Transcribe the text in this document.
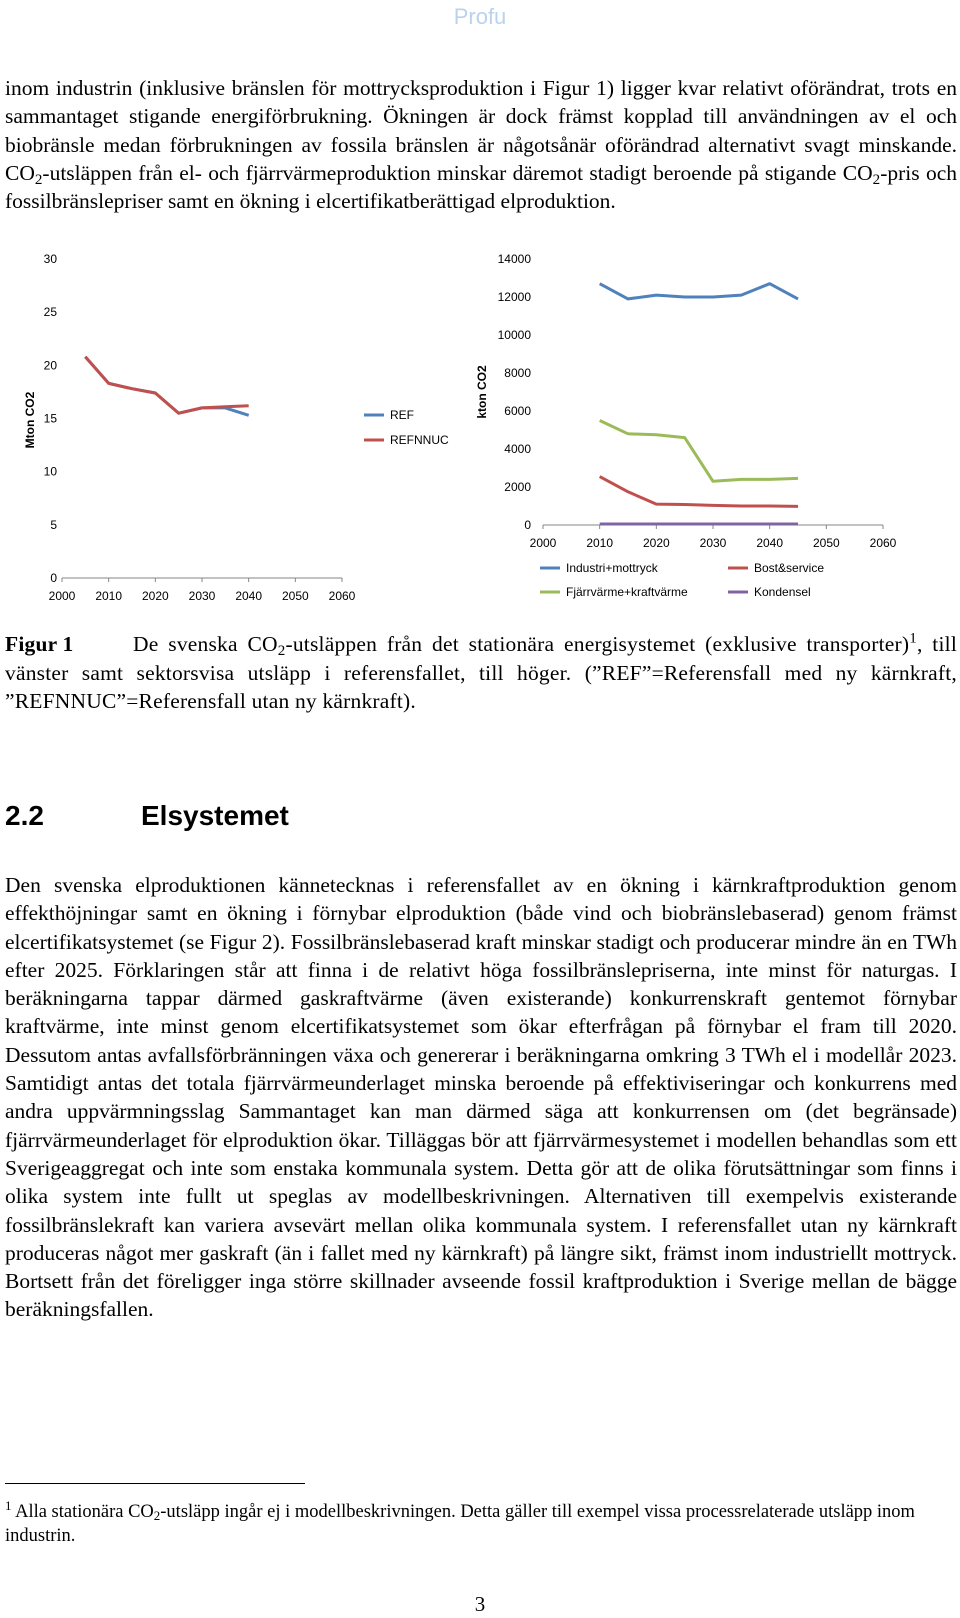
Profu

inom industrin (inklusive bränslen för mottrycksproduktion i Figur 1) ligger kvar relativt oförändrat, trots en sammantaget stigande energiförbrukning. Ökningen är dock främst kopplad till användningen av el och biobränsle medan förbrukningen av fossila bränslen är någotsånär oförändrad alternativt svagt minskande. $CO_2$-utsläppen från el- och fjärrvärmeproduktion minskar däremot stadigt beroende på stigande $CO_2$-pris och fossilbränslepriser samt en ökning i elcertifikatberättigad elproduktion.

0
5
10
15
20
25
30
2000 2010 2020 2030 2040 2050 2060
Mton CO2	REF
REFNNUC
0
2000
4000
6000
8000
10000
12000
14000
2000 2010 2020 2030 2040 2050 2060
kton CO2
Industri+mottryck	Bost&service
Fjärrvärme+kraftvärme	Kondensel

Figur 1	De svenska $CO_2$-utsläppen från det stationära energisystemet (exklusive transporter)$^1$, till vänster samt sektorsvisa utsläpp i referensfallet, till höger. (”REF”=Referensfall med ny kärnkraft, ”REFNNUC”=Referensfall utan ny kärnkraft).

2.2	Elsystemet

Den svenska elproduktionen kännetecknas i referensfallet av en ökning i kärnkraftproduktion genom effekthöjningar samt en ökning i förnybar elproduktion (både vind och biobränslebaserad) genom främst elcertifikatsystemet (se Figur 2). Fossilbränslebaserad kraft minskar stadigt och producerar mindre än en TWh efter 2025. Förklaringen står att finna i de relativt höga fossilbränslepriserna, inte minst för naturgas. I beräkningarna tappar därmed gaskraftvärme (även existerande) konkurrenskraft gentemot förnybar kraftvärme, inte minst genom elcertifikatsystemet som ökar efterfrågan på förnybar el fram till 2020. Dessutom antas avfallsförbränningen växa och genererar i beräkningarna omkring 3 TWh el i modellår 2023. Samtidigt antas det totala fjärrvärmeunderlaget minska beroende på effektiviseringar och konkurrens med andra uppvärmningsslag Sammantaget kan man därmed säga att konkurrensen om (det begränsade) fjärrvärmeunderlaget för elproduktion ökar. Tilläggas bör att fjärrvärmesystemet i modellen behandlas som ett Sverigeaggregat och inte som enstaka kommunala system. Detta gör att de olika förutsättningar som finns i olika system inte fullt ut speglas av modellbeskrivningen. Alternativen till exempelvis existerande fossilbränslekraft kan variera avsevärt mellan olika kommunala system. I referensfallet utan ny kärnkraft produceras något mer gaskraft (än i fallet med ny kärnkraft) på längre sikt, främst inom industriellt mottryck. Bortsett från det föreligger inga större skillnader avseende fossil kraftproduktion i Sverige mellan de bägge beräkningsfallen.

$^1$ Alla stationära $CO_2$-utsläpp ingår ej i modellbeskrivningen. Detta gäller till exempel vissa processrelaterade utsläpp inom industrin.

3
